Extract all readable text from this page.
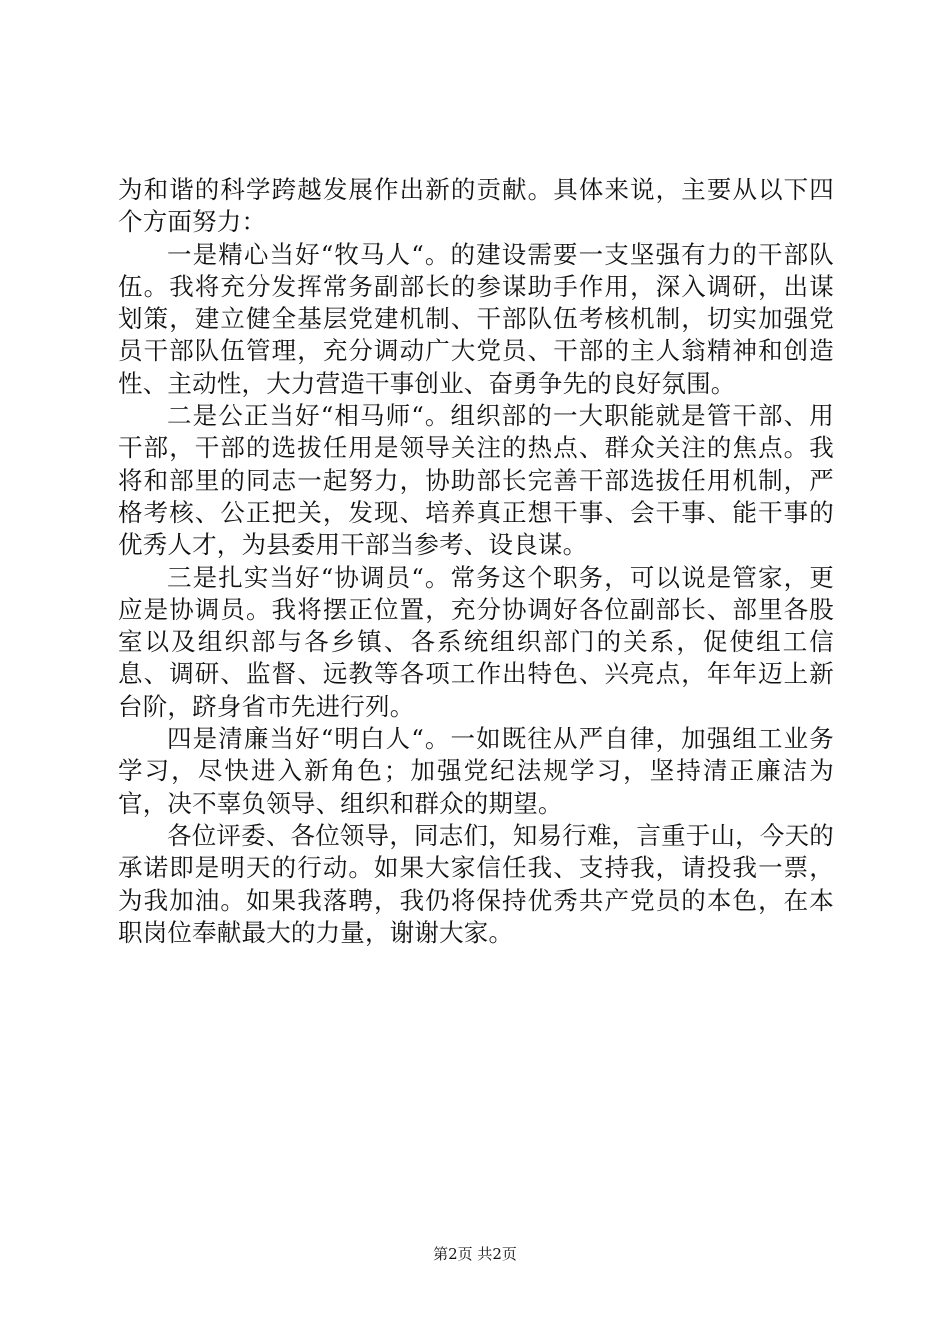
为和谐的科学跨越发展作出新的贡献。具体来说，主要从以下四个方面努力：

一是精心当好“牧马人“。的建设需要一支坚强有力的干部队伍。我将充分发挥常务副部长的参谋助手作用，深入调研，出谋划策，建立健全基层党建机制、干部队伍考核机制，切实加强党员干部队伍管理，充分调动广大党员、干部的主人翁精神和创造性、主动性，大力营造干事创业、奋勇争先的良好氛围。

二是公正当好“相马师“。组织部的一大职能就是管干部、用干部，干部的选拔任用是领导关注的热点、群众关注的焦点。我将和部里的同志一起努力，协助部长完善干部选拔任用机制，严格考核、公正把关，发现、培养真正想干事、会干事、能干事的优秀人才，为县委用干部当参考、设良谋。

三是扎实当好“协调员“。常务这个职务，可以说是管家，更应是协调员。我将摆正位置，充分协调好各位副部长、部里各股室以及组织部与各乡镇、各系统组织部门的关系，促使组工信息、调研、监督、远教等各项工作出特色、兴亮点，年年迈上新台阶，跻身省市先进行列。

四是清廉当好“明白人“。一如既往从严自律，加强组工业务学习，尽快进入新角色；加强党纪法规学习，坚持清正廉洁为官，决不辜负领导、组织和群众的期望。

各位评委、各位领导，同志们，知易行难，言重于山，今天的承诺即是明天的行动。如果大家信任我、支持我，请投我一票，为我加油。如果我落聘，我仍将保持优秀共产党员的本色，在本职岗位奉献最大的力量，谢谢大家。

第2页 共2页
